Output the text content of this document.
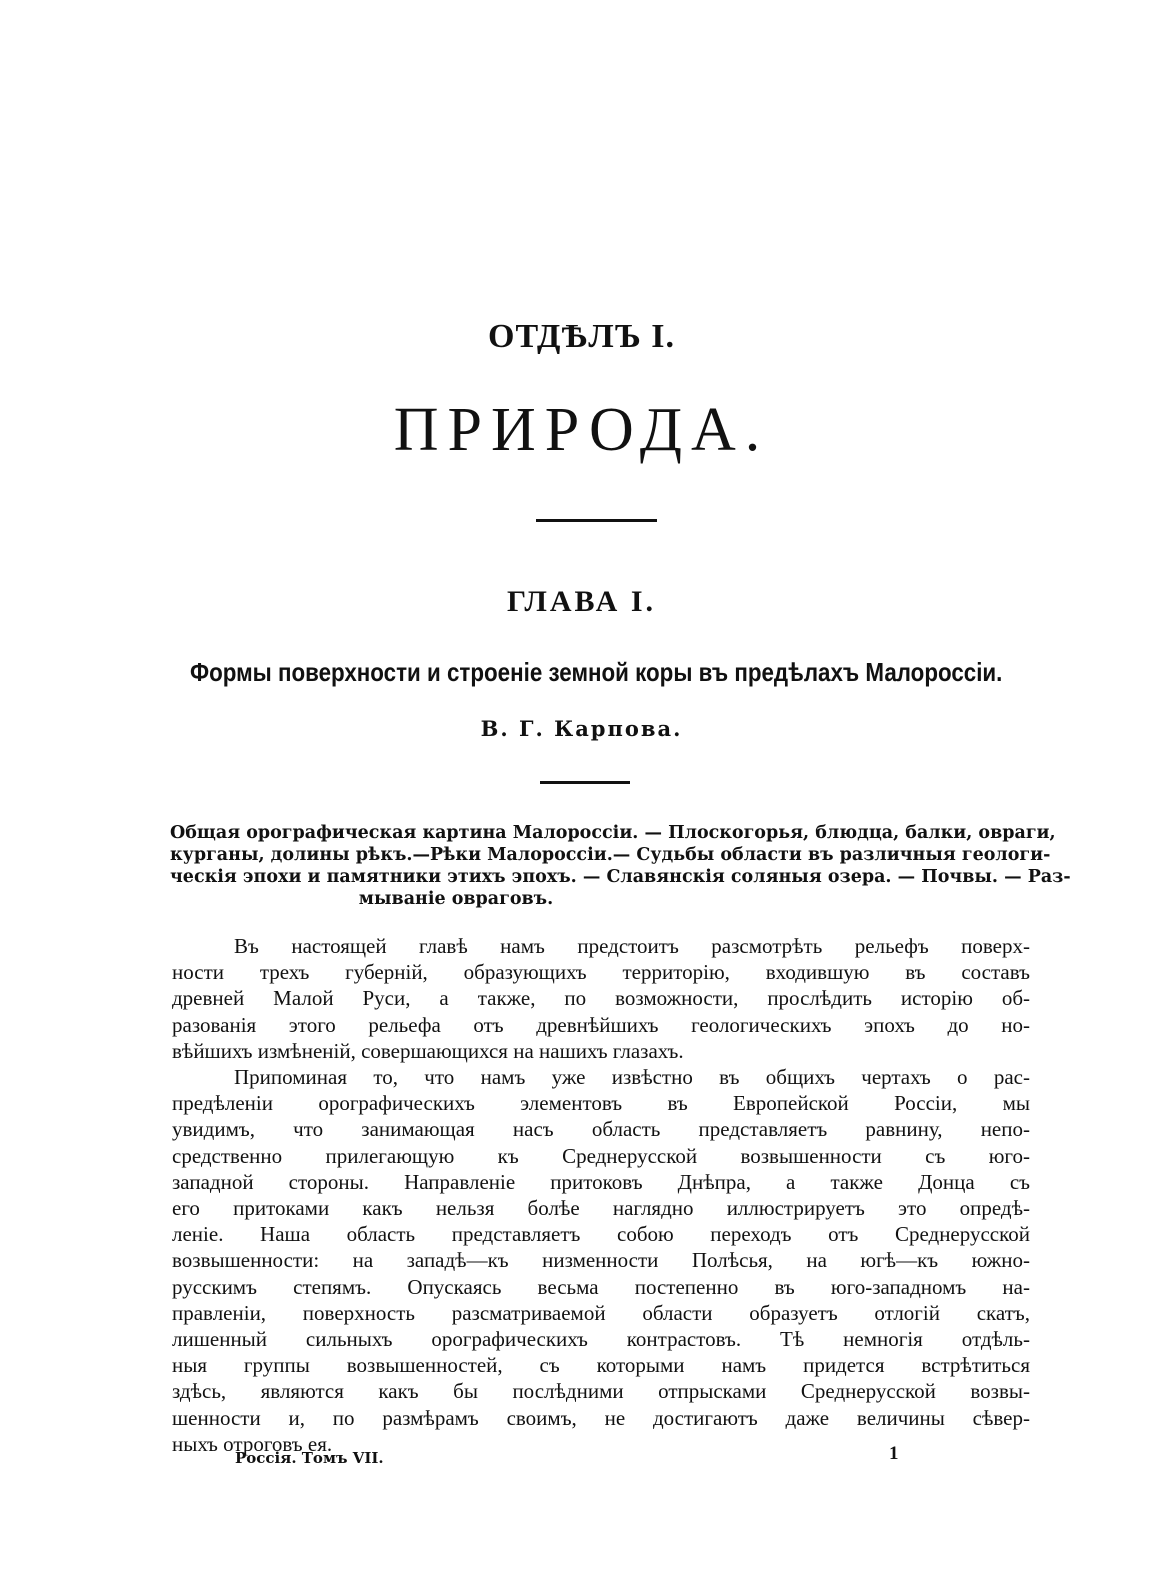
ОТДѢЛЪ I.
ПРИРОДА.
ГЛАВА I.
Формы поверхности и строеніе земной коры въ предѣлахъ Малороссіи.
В. Г. Карпова.
Общая орографическая картина Малороссіи. — Плоскогорья, блюдца, балки, овраги,
курганы, долины рѣкъ.—Рѣки Малороссіи.— Судьбы области въ различныя геологи-
ческія эпохи и памятники этихъ эпохъ. — Славянскія соляныя озера. — Почвы. — Раз-
мываніе овраговъ.
Въ настоящей главѣ намъ предстоитъ разсмотрѣть рельефъ поверх-
ности трехъ губерній, образующихъ территорію, входившую въ составъ
древней Малой Руси, а также, по возможности, прослѣдить исторію об-
разованія этого рельефа отъ древнѣйшихъ геологическихъ эпохъ до но-
вѣйшихъ измѣненій, совершающихся на нашихъ глазахъ.
Припоминая то, что намъ уже извѣстно въ общихъ чертахъ о рас-
предѣленіи орографическихъ элементовъ въ Европейской Россіи, мы
увидимъ, что занимающая насъ область представляетъ равнину, непо-
средственно прилегающую къ Среднерусской возвышенности съ юго-
западной стороны. Направленіе притоковъ Днѣпра, а также Донца съ
его притоками какъ нельзя болѣе наглядно иллюстрируетъ это опредѣ-
леніе. Наша область представляетъ собою переходъ отъ Среднерусской
возвышенности: на западѣ—къ низменности Полѣсья, на югѣ—къ южно-
русскимъ степямъ. Опускаясь весьма постепенно въ юго-западномъ на-
правленіи, поверхность разсматриваемой области образуетъ отлогій скатъ,
лишенный сильныхъ орографическихъ контрастовъ. Тѣ немногія отдѣль-
ныя группы возвышенностей, съ которыми намъ придется встрѣтиться
здѣсь, являются какъ бы послѣдними отпрысками Среднерусской возвы-
шенности и, по размѣрамъ своимъ, не достигаютъ даже величины сѣвер-
ныхъ отроговъ ея.
Россія. Томъ VII.	1
